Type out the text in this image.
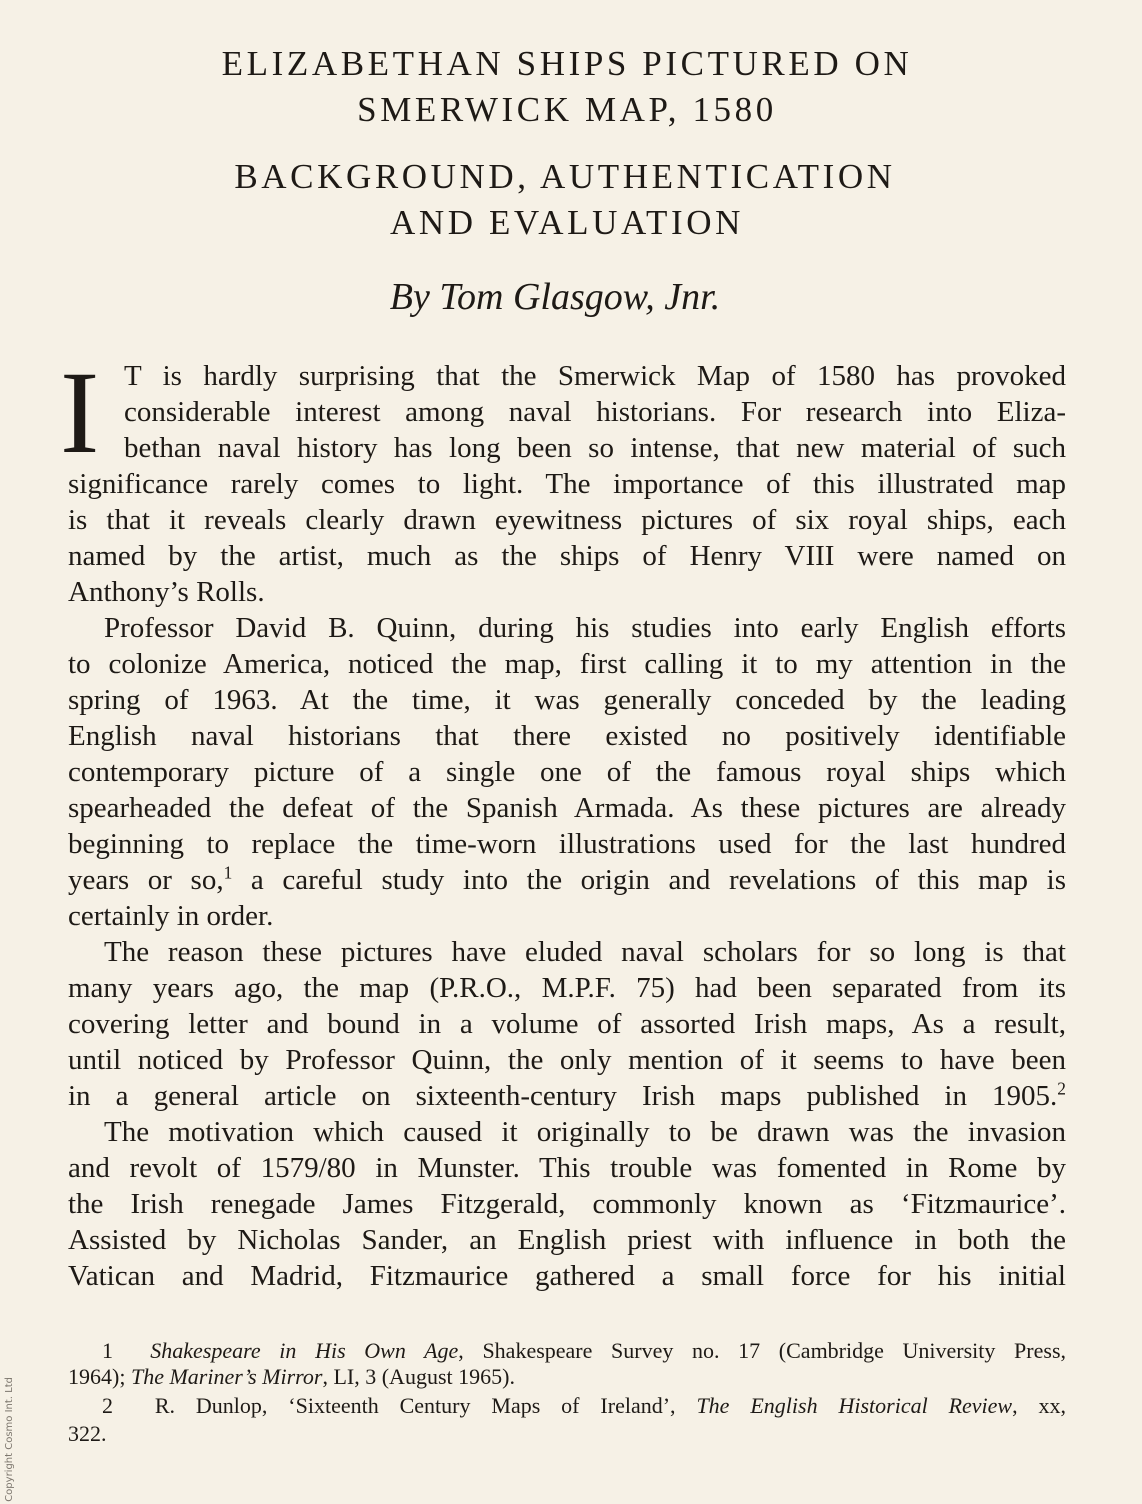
ELIZABETHAN SHIPS PICTURED ON
SMERWICK MAP, 1580
BACKGROUND, AUTHENTICATION
AND EVALUATION

By Tom Glasgow, Jnr.

I T is hardly surprising that the Smerwick Map of 1580 has provoked

considerable interest among naval historians. For research into Eliza-

bethan naval history has long been so intense, that new material of such

significance rarely comes to light. The importance of this illustrated map

is that it reveals clearly drawn eyewitness pictures of six royal ships, each

named by the artist, much as the ships of Henry VIII were named on

Anthony’s Rolls.

Professor David B. Quinn, during his studies into early English efforts

to colonize America, noticed the map, first calling it to my attention in the

spring of 1963. At the time, it was generally conceded by the leading

English naval historians that there existed no positively identifiable

contemporary picture of a single one of the famous royal ships which

spearheaded the defeat of the Spanish Armada. As these pictures are already

beginning to replace the time-worn illustrations used for the last hundred

years or so,$^1$ a careful study into the origin and revelations of this map is

certainly in order.

The reason these pictures have eluded naval scholars for so long is that

many years ago, the map (P.R.O., M.P.F. 75) had been separated from its

covering letter and bound in a volume of assorted Irish maps, As a result,

until noticed by Professor Quinn, the only mention of it seems to have been

in a general article on sixteenth-century Irish maps published in 1905.$^2$

The motivation which caused it originally to be drawn was the invasion

and revolt of 1579/80 in Munster. This trouble was fomented in Rome by

the Irish renegade James Fitzgerald, commonly known as ‘Fitzmaurice’.

Assisted by Nicholas Sander, an English priest with influence in both the

Vatican and Madrid, Fitzmaurice gathered a small force for his initial

1 Shakespeare in His Own Age, Shakespeare Survey no. 17 (Cambridge University Press,

1964); The Mariner’s Mirror, LI, 3 (August 1965).

2 R. Dunlop, ‘Sixteenth Century Maps of Ireland’, The English Historical Review, xx,

322.

Copyright Cosmo Int. Ltd
